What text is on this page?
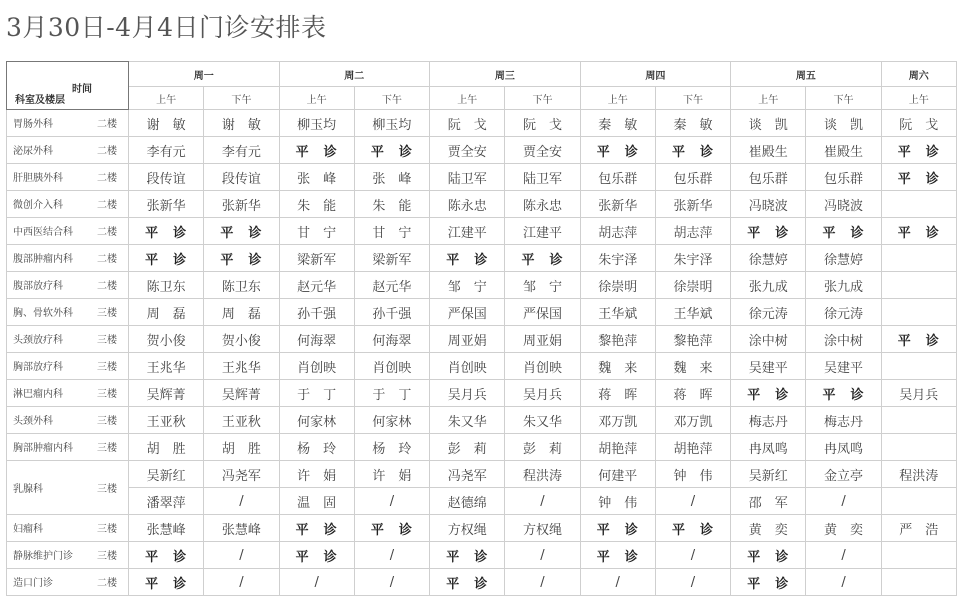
3月30日-4月4日门诊安排表
时间
科室及楼层	周一		周二		周三		周四		周五		周六
	上午	下午	上午	下午	上午	下午	上午	下午	上午	下午	上午
胃肠外科 二楼	谢　敏	谢　敏	柳玉均	柳玉均	阮　戈	阮　戈	秦　敏	秦　敏	谈　凯	谈　凯	阮　戈

泌尿外科 二楼	李有元	李有元	平　诊	平　诊	贾全安	贾全安	平　诊	平　诊	崔殿生	崔殿生	平　诊

肝胆胰外科 二楼	段传谊	段传谊	张　峰	张　峰	陆卫军	陆卫军	包乐群	包乐群	包乐群	包乐群	平　诊

微创介入科 二楼	张新华	张新华	朱　能	朱　能	陈永忠	陈永忠	张新华	张新华	冯晓波	冯晓波	

中西医结合科 二楼	平　诊	平　诊	甘　宁	甘　宁	江建平	江建平	胡志萍	胡志萍	平　诊	平　诊	平　诊

腹部肿瘤内科 二楼	平　诊	平　诊	梁新军	梁新军	平　诊	平　诊	朱宇泽	朱宇泽	徐慧婷	徐慧婷	

腹部放疗科 二楼	陈卫东	陈卫东	赵元华	赵元华	邹　宁	邹　宁	徐崇明	徐崇明	张九成	张九成	

胸、骨软外科 三楼	周　磊	周　磊	孙千强	孙千强	严保国	严保国	王华斌	王华斌	徐元涛	徐元涛	

头颈放疗科 三楼	贺小俊	贺小俊	何海翠	何海翠	周亚娟	周亚娟	黎艳萍	黎艳萍	涂中树	涂中树	平　诊

胸部放疗科 三楼	王兆华	王兆华	肖创映	肖创映	肖创映	肖创映	魏　来	魏　来	吴建平	吴建平	

淋巴瘤内科 三楼	吴辉菁	吴辉菁	于　丁	于　丁	吴月兵	吴月兵	蒋　晖	蒋　晖	平　诊	平　诊	吴月兵

头颈外科 三楼	王亚秋	王亚秋	何家林	何家林	朱又华	朱又华	邓万凯	邓万凯	梅志丹	梅志丹	

胸部肿瘤内科 三楼	胡　胜	胡　胜	杨　玲	杨　玲	彭　莉	彭　莉	胡艳萍	胡艳萍	冉凤鸣	冉凤鸣	

乳腺科 三楼	吴新红	冯尧军	许　娟	许　娟	冯尧军	程洪涛	何建平	钟　伟	吴新红	金立亭	程洪涛

	潘翠萍	/	温　固	/	赵德绵	/	钟　伟	/	邵　军	/	

妇瘤科 三楼	张慧峰	张慧峰	平　诊	平　诊	方权绳	方权绳	平　诊	平　诊	黄　奕	黄　奕	严　浩

静脉维护门诊 三楼	平　诊	/	平　诊	/	平　诊	/	平　诊	/	平　诊	/	

造口门诊 二楼	平　诊	/	/	/	平　诊	/	/	/	平　诊	/	
